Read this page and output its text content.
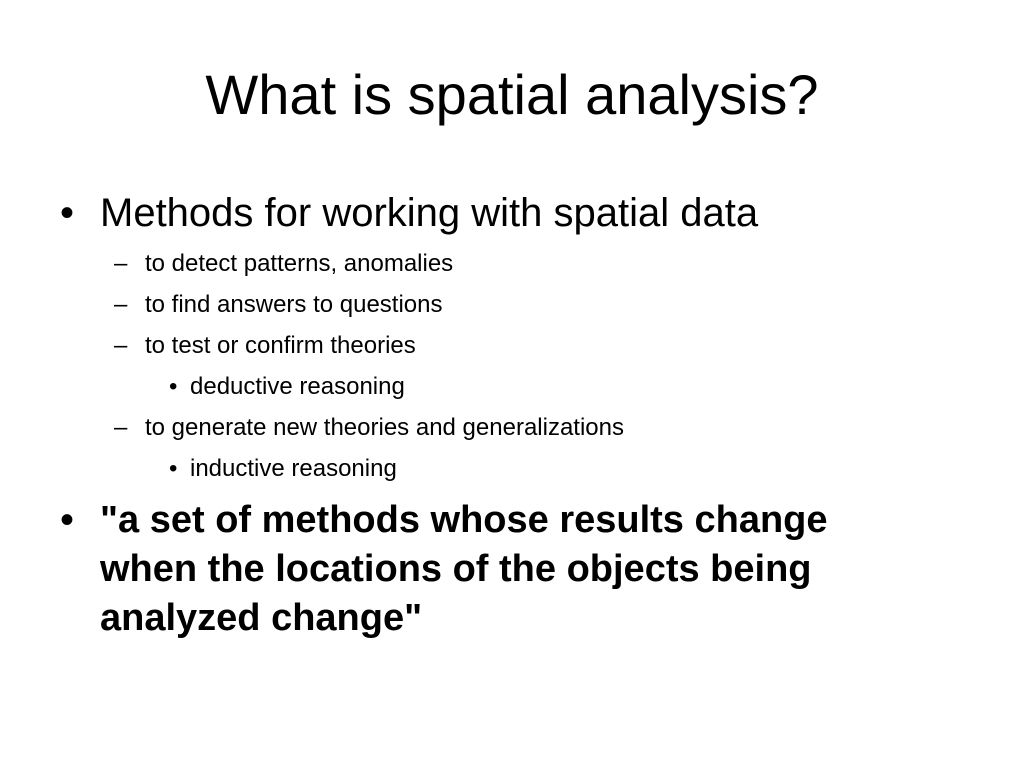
What is spatial analysis?
• Methods for working with spatial data
– to detect patterns, anomalies
– to find answers to questions
– to test or confirm theories
• deductive reasoning
– to generate new theories and generalizations
• inductive reasoning
• "a set of methods whose results change
when the locations of the objects being
analyzed change"
